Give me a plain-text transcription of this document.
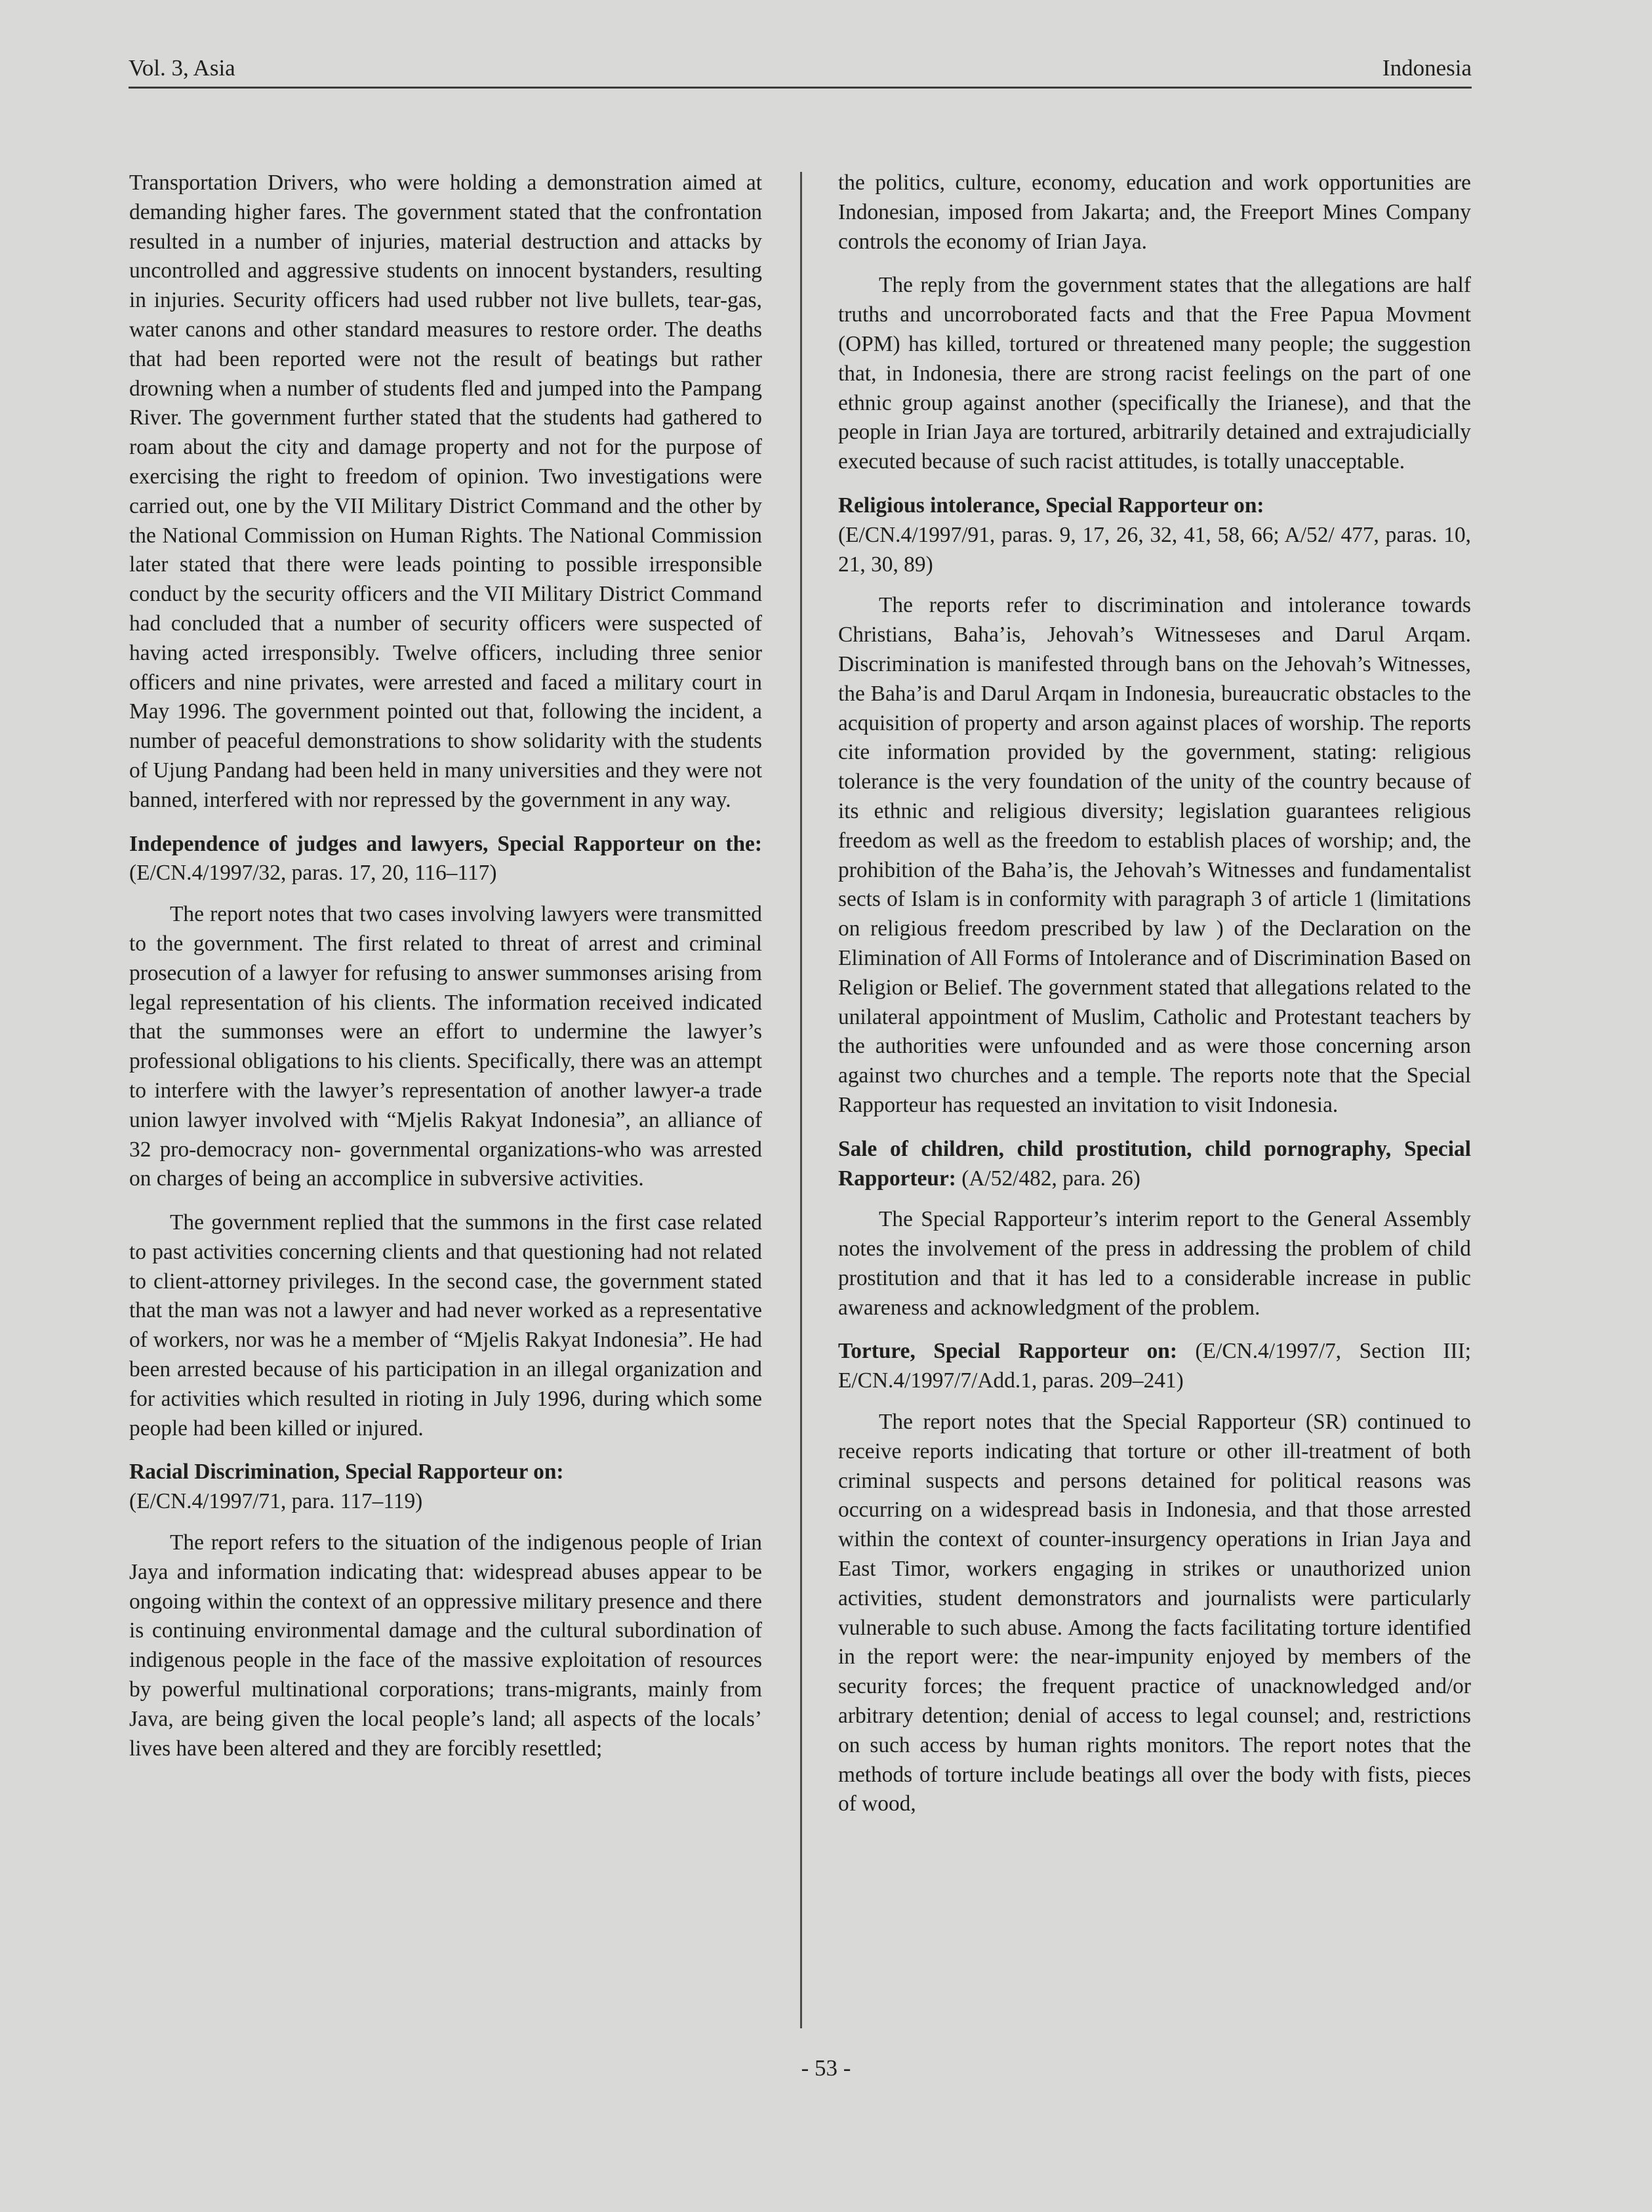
Vol. 3, Asia	Indonesia

Transportation Drivers, who were holding a demonstration aimed at demanding higher fares. The government stated that the confrontation resulted in a number of injuries, material destruction and attacks by uncontrolled and aggressive students on innocent bystanders, resulting in injuries. Security officers had used rubber not live bullets, tear-gas, water canons and other standard measures to restore order. The deaths that had been reported were not the result of beatings but rather drowning when a number of students fled and jumped into the Pampang River. The government further stated that the students had gathered to roam about the city and damage property and not for the purpose of exercising the right to freedom of opinion. Two investigations were carried out, one by the VII Military District Command and the other by the National Commission on Human Rights. The National Commission later stated that there were leads pointing to possible irresponsible conduct by the security officers and the VII Military District Command had concluded that a number of security officers were suspected of having acted irresponsibly. Twelve officers, including three senior officers and nine privates, were arrested and faced a military court in May 1996. The government pointed out that, following the incident, a number of peaceful demonstrations to show solidarity with the students of Ujung Pandang had been held in many universities and they were not banned, interfered with nor repressed by the government in any way.

Independence of judges and lawyers, Special Rapporteur on the: (E/CN.4/1997/32, paras. 17, 20, 116–117)

The report notes that two cases involving lawyers were transmitted to the government. The first related to threat of arrest and criminal prosecution of a lawyer for refusing to answer summonses arising from legal representation of his clients. The information received indicated that the summonses were an effort to undermine the lawyer’s professional obligations to his clients. Specifically, there was an attempt to interfere with the lawyer’s representation of another lawyer-a trade union lawyer involved with “Mjelis Rakyat Indonesia”, an alliance of 32 pro-democracy non- governmental organizations-who was arrested on charges of being an accomplice in subversive activities.

The government replied that the summons in the first case related to past activities concerning clients and that questioning had not related to client-attorney privileges. In the second case, the government stated that the man was not a lawyer and had never worked as a representative of workers, nor was he a member of “Mjelis Rakyat Indonesia”. He had been arrested because of his participation in an illegal organization and for activities which resulted in rioting in July 1996, during which some people had been killed or injured.

Racial Discrimination, Special Rapporteur on:
(E/CN.4/1997/71, para. 117–119)

The report refers to the situation of the indigenous people of Irian Jaya and information indicating that: widespread abuses appear to be ongoing within the context of an oppressive military presence and there is continuing environmental damage and the cultural subordination of indigenous people in the face of the massive exploitation of resources by powerful multinational corporations; trans-migrants, mainly from Java, are being given the local people’s land; all aspects of the locals’ lives have been altered and they are forcibly resettled;

the politics, culture, economy, education and work opportunities are Indonesian, imposed from Jakarta; and, the Freeport Mines Company controls the economy of Irian Jaya.

The reply from the government states that the allegations are half truths and uncorroborated facts and that the Free Papua Movment (OPM) has killed, tortured or threatened many people; the suggestion that, in Indonesia, there are strong racist feelings on the part of one ethnic group against another (specifically the Irianese), and that the people in Irian Jaya are tortured, arbitrarily detained and extrajudicially executed because of such racist attitudes, is totally unacceptable.

Religious intolerance, Special Rapporteur on:
(E/CN.4/1997/91, paras. 9, 17, 26, 32, 41, 58, 66; A/52/ 477, paras. 10, 21, 30, 89)

The reports refer to discrimination and intolerance towards Christians, Baha’is, Jehovah’s Witnesseses and Darul Arqam. Discrimination is manifested through bans on the Jehovah’s Witnesses, the Baha’is and Darul Arqam in Indonesia, bureaucratic obstacles to the acquisition of property and arson against places of worship. The reports cite information provided by the government, stating: religious tolerance is the very foundation of the unity of the country because of its ethnic and religious diversity; legislation guarantees religious freedom as well as the freedom to establish places of worship; and, the prohibition of the Baha’is, the Jehovah’s Witnesses and fundamentalist sects of Islam is in conformity with paragraph 3 of article 1 (limitations on religious freedom prescribed by law ) of the Declaration on the Elimination of All Forms of Intolerance and of Discrimination Based on Religion or Belief. The government stated that allegations related to the unilateral appointment of Muslim, Catholic and Protestant teachers by the authorities were unfounded and as were those concerning arson against two churches and a temple. The reports note that the Special Rapporteur has requested an invitation to visit Indonesia.

Sale of children, child prostitution, child pornography, Special Rapporteur: (A/52/482, para. 26)

The Special Rapporteur’s interim report to the General Assembly notes the involvement of the press in addressing the problem of child prostitution and that it has led to a considerable increase in public awareness and acknowledgment of the problem.

Torture, Special Rapporteur on: (E/CN.4/1997/7, Section III; E/CN.4/1997/7/Add.1, paras. 209–241)

The report notes that the Special Rapporteur (SR) continued to receive reports indicating that torture or other ill-treatment of both criminal suspects and persons detained for political reasons was occurring on a widespread basis in Indonesia, and that those arrested within the context of counter-insurgency operations in Irian Jaya and East Timor, workers engaging in strikes or unauthorized union activities, student demonstrators and journalists were particularly vulnerable to such abuse. Among the facts facilitating torture identified in the report were: the near-impunity enjoyed by members of the security forces; the frequent practice of unacknowledged and/or arbitrary detention; denial of access to legal counsel; and, restrictions on such access by human rights monitors. The report notes that the methods of torture include beatings all over the body with fists, pieces of wood,

- 53 -
